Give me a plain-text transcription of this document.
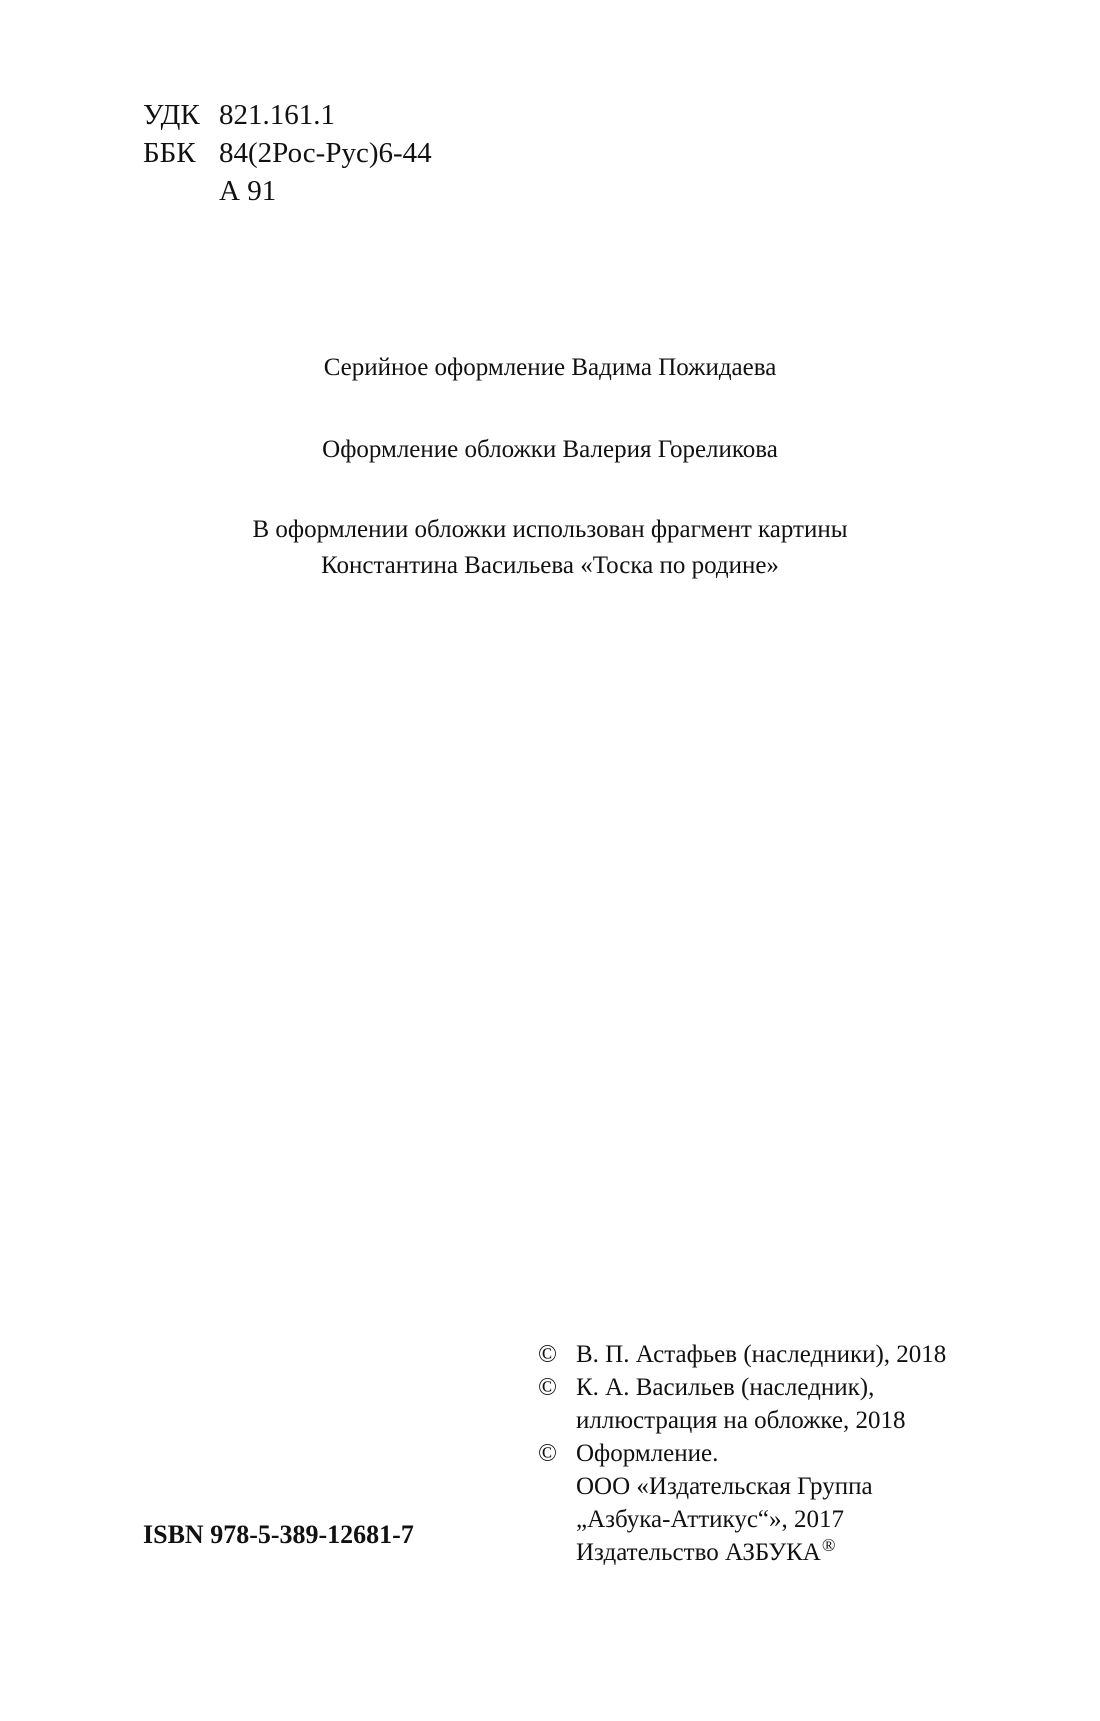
УДК 821.161.1
ББК 84(2Рос-Рус)6-44
А 91
Серийное оформление Вадима Пожидаева
Оформление обложки Валерия Гореликова
В оформлении обложки использован фрагмент картины
Константина Васильева «Тоска по родине»
© В. П. Астафьев (наследники), 2018
© К. А. Васильев (наследник),
иллюстрация на обложке, 2018
© Оформление.
ООО «Издательская Группа
„Азбука-Аттикус“», 2017
Издательство АЗБУКА®
ISBN 978-5-389-12681-7
